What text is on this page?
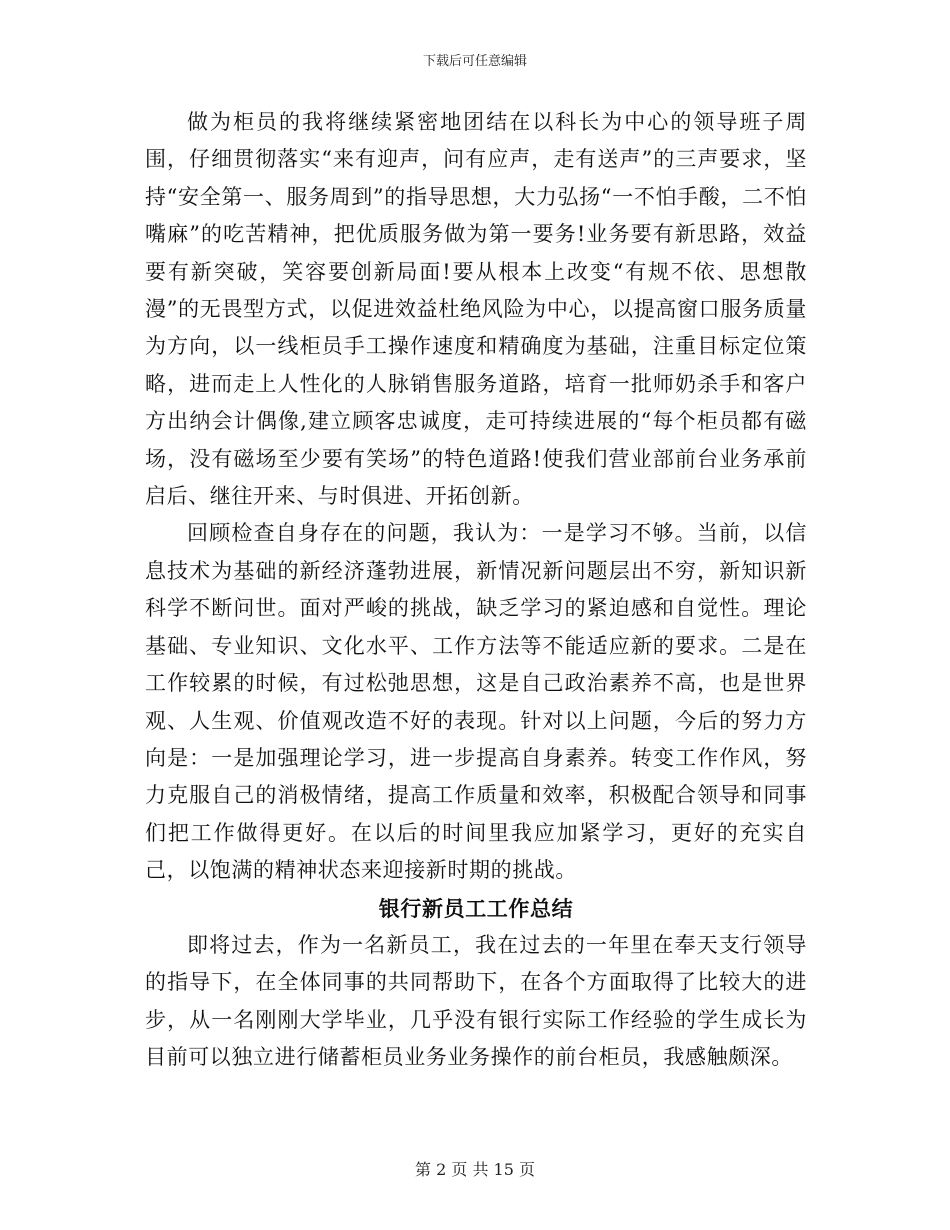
下载后可任意编辑

做为柜员的我将继续紧密地团结在以科长为中心的领导班子周围，仔细贯彻落实“来有迎声，问有应声，走有送声”的三声要求，坚持“安全第一、服务周到”的指导思想，大力弘扬“一不怕手酸，二不怕嘴麻”的吃苦精神，把优质服务做为第一要务!业务要有新思路，效益要有新突破，笑容要创新局面!要从根本上改变“有规不依、思想散漫”的无畏型方式，以促进效益杜绝风险为中心，以提高窗口服务质量为方向，以一线柜员手工操作速度和精确度为基础，注重目标定位策略，进而走上人性化的人脉销售服务道路，培育一批师奶杀手和客户方出纳会计偶像,建立顾客忠诚度，走可持续进展的“每个柜员都有磁场，没有磁场至少要有笑场”的特色道路!使我们营业部前台业务承前启后、继往开来、与时俱进、开拓创新。

回顾检查自身存在的问题，我认为：一是学习不够。当前，以信息技术为基础的新经济蓬勃进展，新情况新问题层出不穷，新知识新科学不断问世。面对严峻的挑战，缺乏学习的紧迫感和自觉性。理论基础、专业知识、文化水平、工作方法等不能适应新的要求。二是在工作较累的时候，有过松弛思想，这是自己政治素养不高，也是世界观、人生观、价值观改造不好的表现。针对以上问题，今后的努力方向是：一是加强理论学习，进一步提高自身素养。转变工作作风，努力克服自己的消极情绪，提高工作质量和效率，积极配合领导和同事们把工作做得更好。在以后的时间里我应加紧学习，更好的充实自己，以饱满的精神状态来迎接新时期的挑战。

银行新员工工作总结

即将过去，作为一名新员工，我在过去的一年里在奉天支行领导的指导下，在全体同事的共同帮助下，在各个方面取得了比较大的进步，从一名刚刚大学毕业，几乎没有银行实际工作经验的学生成长为目前可以独立进行储蓄柜员业务业务操作的前台柜员，我感触颇深。

第 2 页 共 15 页
